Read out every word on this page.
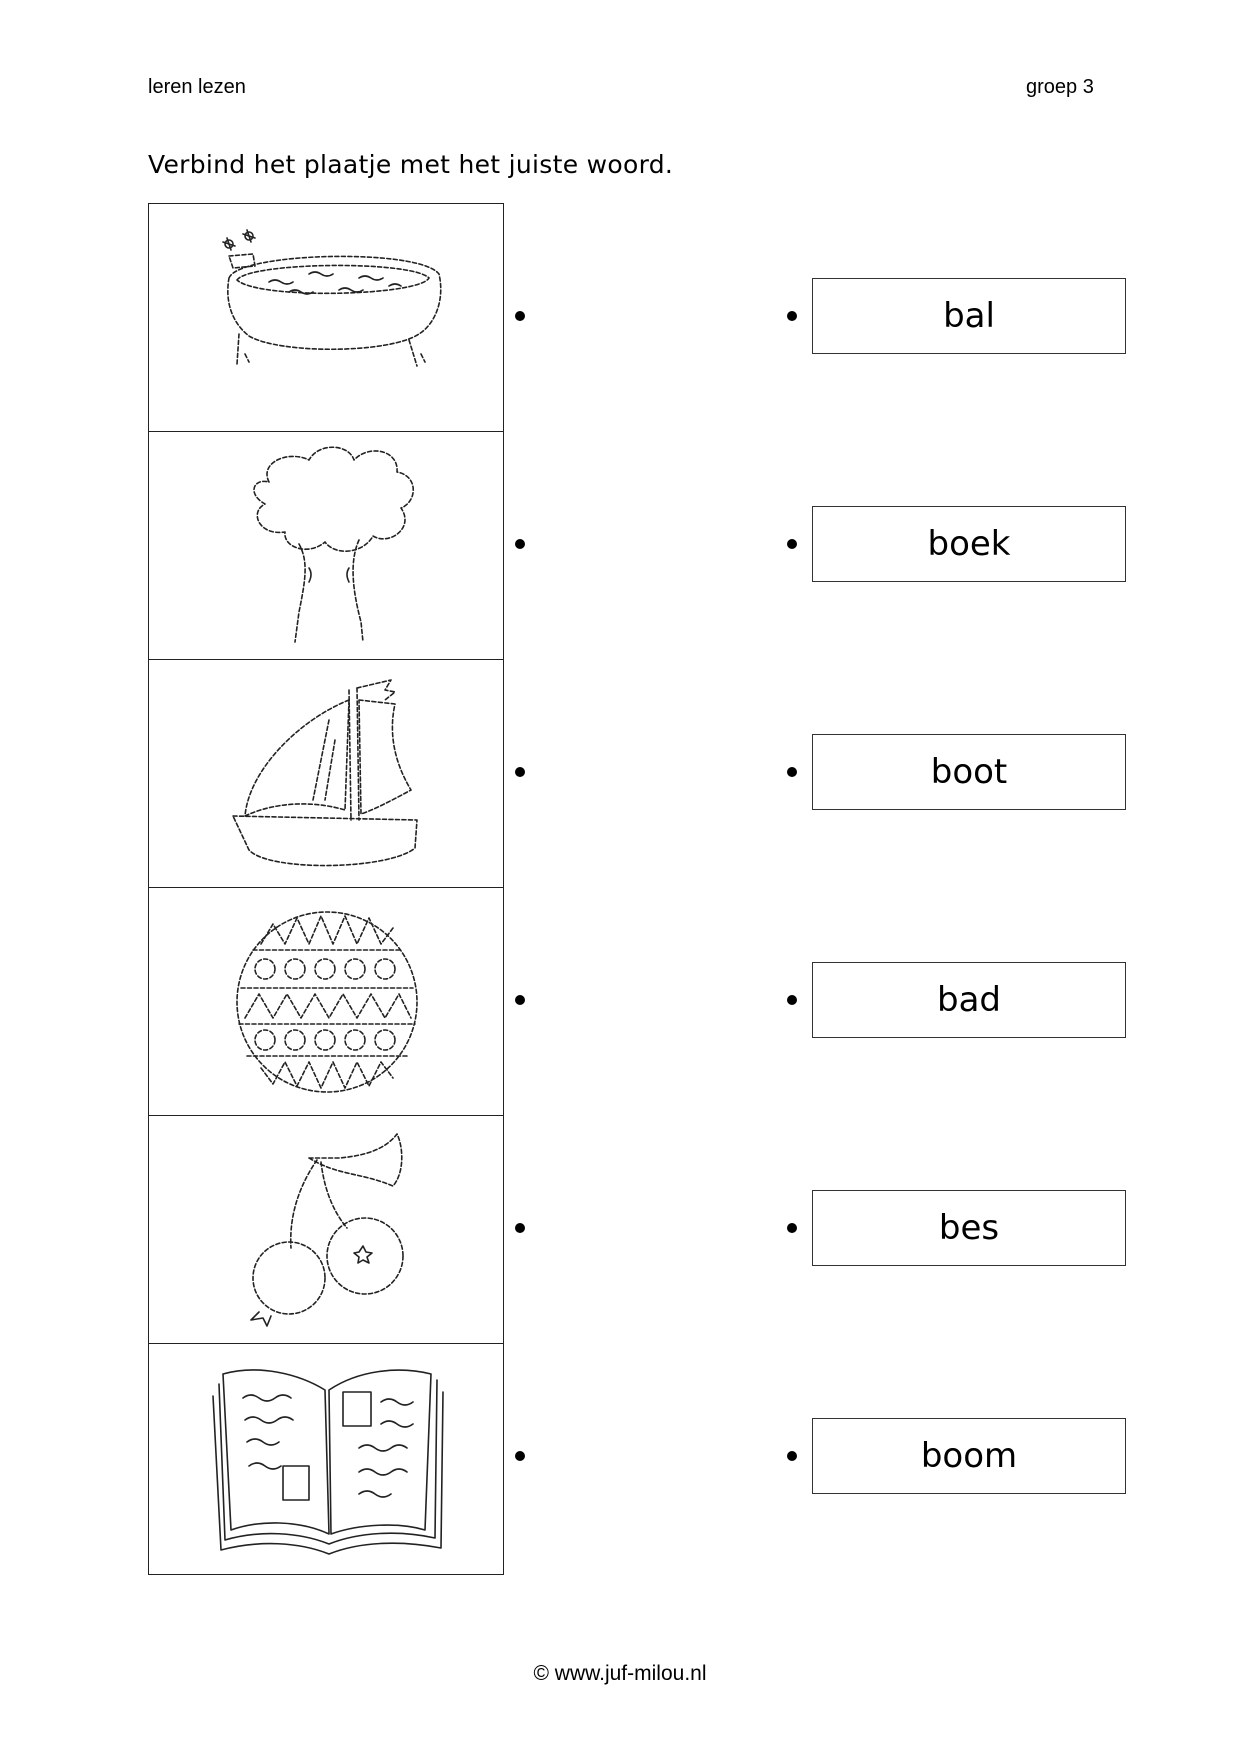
leren lezen	groep 3
Verbind het plaatje met het juiste woord.
bal
boek
boot
bad
bes
boom
© www.juf-milou.nl
